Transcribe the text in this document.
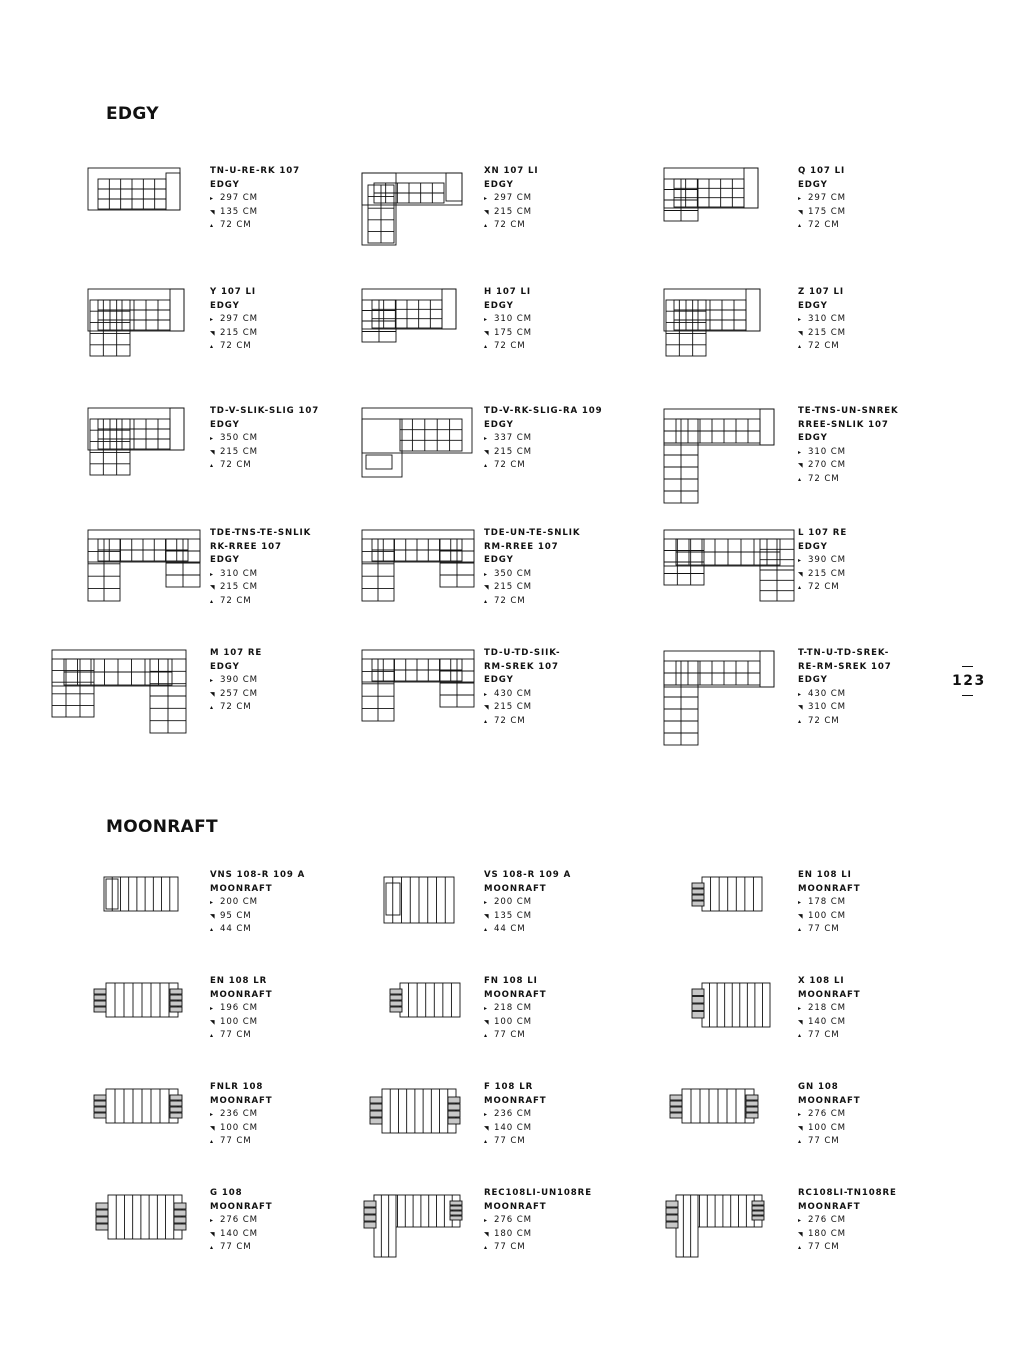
EDGY
MOONRAFT
TN-U-RE-RK 107
EDGY
▸ 297 CM
◥ 135 CM
▴ 72 CM
XN 107 LI
EDGY
▸ 297 CM
◥ 215 CM
▴ 72 CM
Q 107 LI
EDGY
▸ 297 CM
◥ 175 CM
▴ 72 CM
Y 107 LI
EDGY
▸ 297 CM
◥ 215 CM
▴ 72 CM
H 107 LI
EDGY
▸ 310 CM
◥ 175 CM
▴ 72 CM
Z 107 LI
EDGY
▸ 310 CM
◥ 215 CM
▴ 72 CM
TD-V-SLIK-SLIG 107
EDGY
▸ 350 CM
◥ 215 CM
▴ 72 CM
TD-V-RK-SLIG-RA 109
EDGY
▸ 337 CM
◥ 215 CM
▴ 72 CM
TE-TNS-UN-SNREK
RREE-SNLIK 107
EDGY
▸ 310 CM
◥ 270 CM
▴ 72 CM
TDE-TNS-TE-SNLIK
RK-RREE 107
EDGY
▸ 310 CM
◥ 215 CM
▴ 72 CM
TDE-UN-TE-SNLIK
RM-RREE 107
EDGY
▸ 350 CM
◥ 215 CM
▴ 72 CM
L 107 RE
EDGY
▸ 390 CM
◥ 215 CM
▴ 72 CM
M 107 RE
EDGY
▸ 390 CM
◥ 257 CM
▴ 72 CM
TD-U-TD-SIIK-
RM-SREK 107
EDGY
▸ 430 CM
◥ 215 CM
▴ 72 CM
T-TN-U-TD-SREK-
RE-RM-SREK 107
EDGY
▸ 430 CM
◥ 310 CM
▴ 72 CM
VNS 108-R 109 A
MOONRAFT
▸ 200 CM
◥ 95 CM
▴ 44 CM
VS 108-R 109 A
MOONRAFT
▸ 200 CM
◥ 135 CM
▴ 44 CM
EN 108 LI
MOONRAFT
▸ 178 CM
◥ 100 CM
▴ 77 CM
EN 108 LR
MOONRAFT
▸ 196 CM
◥ 100 CM
▴ 77 CM
FN 108 LI
MOONRAFT
▸ 218 CM
◥ 100 CM
▴ 77 CM
X 108 LI
MOONRAFT
▸ 218 CM
◥ 140 CM
▴ 77 CM
FNLR 108
MOONRAFT
▸ 236 CM
◥ 100 CM
▴ 77 CM
F 108 LR
MOONRAFT
▸ 236 CM
◥ 140 CM
▴ 77 CM
GN 108
MOONRAFT
▸ 276 CM
◥ 100 CM
▴ 77 CM
G 108
MOONRAFT
▸ 276 CM
◥ 140 CM
▴ 77 CM
REC108LI-UN108RE
MOONRAFT
▸ 276 CM
◥ 180 CM
▴ 77 CM
RC108LI-TN108RE
MOONRAFT
▸ 276 CM
◥ 180 CM
▴ 77 CM
123
